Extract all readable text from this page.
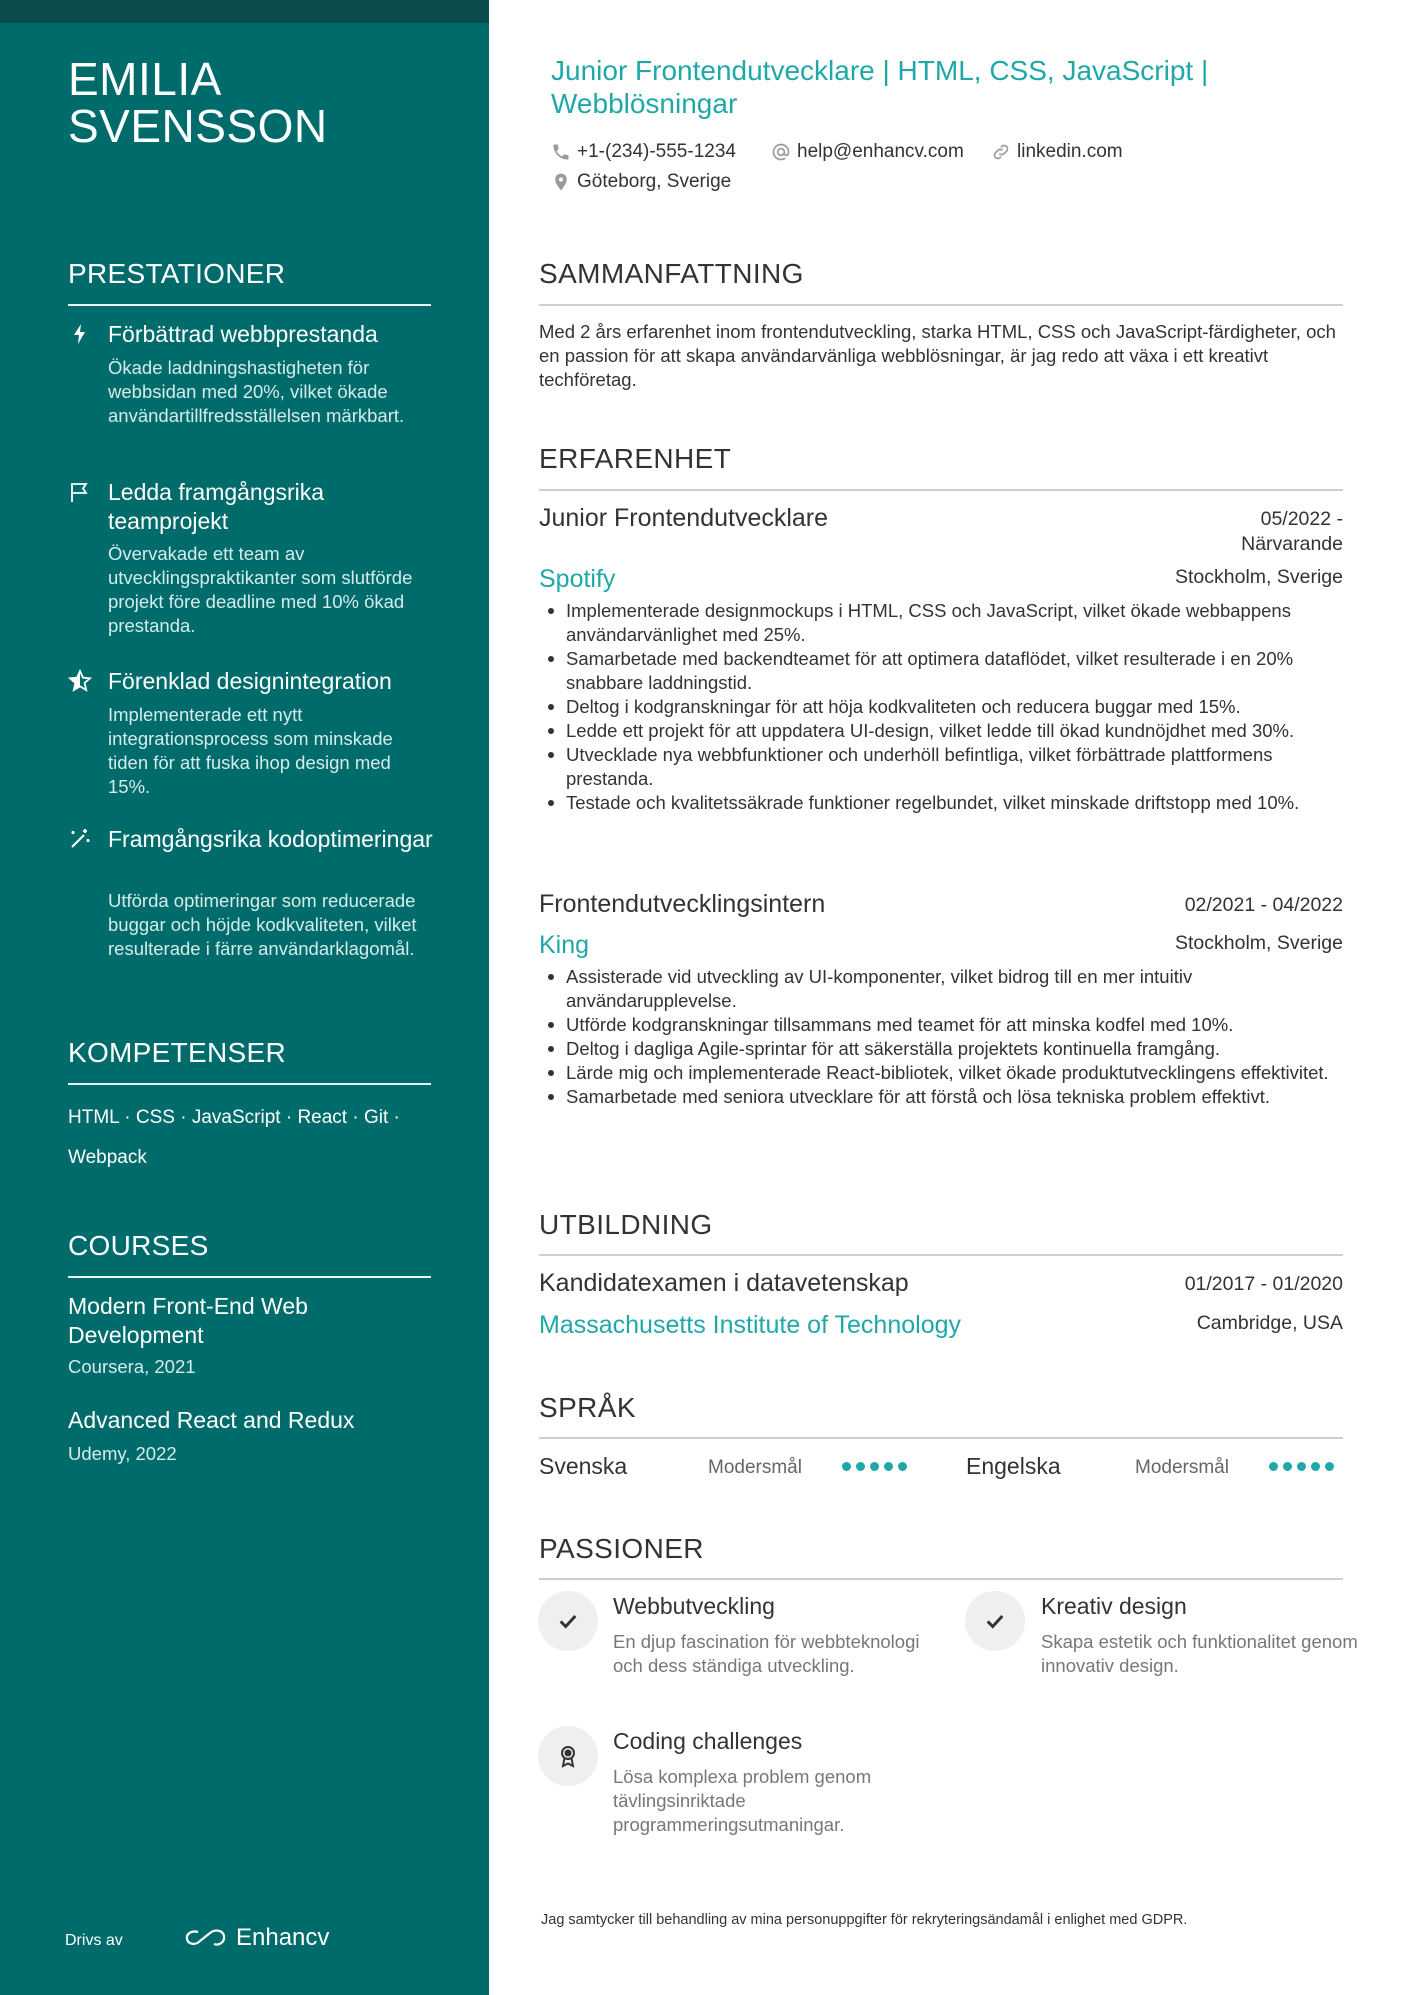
EMILIA SVENSSON
PRESTATIONER
Förbättrad webbprestanda
Ökade laddningshastigheten för webbsidan med 20%, vilket ökade användartillfredsställelsen märkbart.
Ledda framgångsrika teamprojekt
Övervakade ett team av utvecklingspraktikanter som slutförde projekt före deadline med 10% ökad prestanda.
Förenklad designintegration
Implementerade ett nytt integrationsprocess som minskade tiden för att fuska ihop design med 15%.
Framgångsrika kodoptimeringar
Utförda optimeringar som reducerade buggar och höjde kodkvaliteten, vilket resulterade i färre användarklagomål.
KOMPETENSER
HTML · CSS · JavaScript · React · Git ·
Webpack
COURSES
Modern Front-End Web Development
Coursera, 2021
Advanced React and Redux
Udemy, 2022
Drivs av	Enhancv
Junior Frontendutvecklare | HTML, CSS, JavaScript | Webblösningar
+1-(234)-555-1234	help@enhancv.com	linkedin.com
Göteborg, Sverige
SAMMANFATTNING
Med 2 års erfarenhet inom frontendutveckling, starka HTML, CSS och JavaScript-färdigheter, och en passion för att skapa användarvänliga webblösningar, är jag redo att växa i ett kreativt techföretag.
ERFARENHET
Junior Frontendutvecklare	05/2022 -
Närvarande
Spotify	Stockholm, Sverige
Implementerade designmockups i HTML, CSS och JavaScript, vilket ökade webbappens användarvänlighet med 25%.
Samarbetade med backendteamet för att optimera dataflödet, vilket resulterade i en 20% snabbare laddningstid.
Deltog i kodgranskningar för att höja kodkvaliteten och reducera buggar med 15%.
Ledde ett projekt för att uppdatera UI-design, vilket ledde till ökad kundnöjdhet med 30%.
Utvecklade nya webbfunktioner och underhöll befintliga, vilket förbättrade plattformens prestanda.
Testade och kvalitetssäkrade funktioner regelbundet, vilket minskade driftstopp med 10%.
Frontendutvecklingsintern	02/2021 - 04/2022
King	Stockholm, Sverige
Assisterade vid utveckling av UI-komponenter, vilket bidrog till en mer intuitiv användarupplevelse.
Utförde kodgranskningar tillsammans med teamet för att minska kodfel med 10%.
Deltog i dagliga Agile-sprintar för att säkerställa projektets kontinuella framgång.
Lärde mig och implementerade React-bibliotek, vilket ökade produktutvecklingens effektivitet.
Samarbetade med seniora utvecklare för att förstå och lösa tekniska problem effektivt.
UTBILDNING
Kandidatexamen i datavetenskap	01/2017 - 01/2020
Massachusetts Institute of Technology	Cambridge, USA
SPRÅK
Svenska	Modersmål	Engelska	Modersmål
PASSIONER
Webbutveckling
En djup fascination för webbteknologi och dess ständiga utveckling.
Kreativ design
Skapa estetik och funktionalitet genom innovativ design.
Coding challenges
Lösa komplexa problem genom tävlingsinriktade programmeringsutmaningar.
Jag samtycker till behandling av mina personuppgifter för rekryteringsändamål i enlighet med GDPR.
